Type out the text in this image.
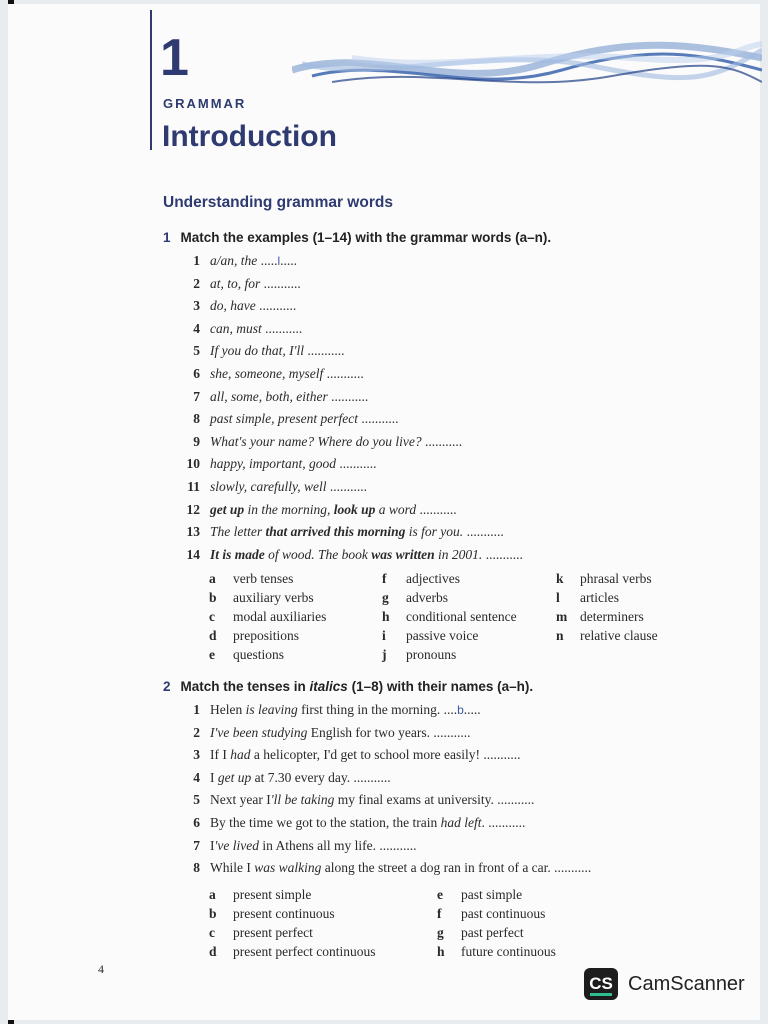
1
GRAMMAR
Introduction
Understanding grammar words
1 Match the examples (1–14) with the grammar words (a–n).
1 a/an, the .....l.....
2 at, to, for ...........
3 do, have ...........
4 can, must ...........
5 If you do that, I'll ...........
6 she, someone, myself ...........
7 all, some, both, either ...........
8 past simple, present perfect ...........
9 What's your name? Where do you live? ...........
10 happy, important, good ...........
11 slowly, carefully, well ...........
12 get up in the morning, look up a word ...........
13 The letter that arrived this morning is for you. ...........
14 It is made of wood. The book was written in 2001. ...........
a verb tenses
b auxiliary verbs
c modal auxiliaries
d prepositions
e questions
f adjectives
g adverbs
h conditional sentence
i passive voice
j pronouns
k phrasal verbs
l articles
m determiners
n relative clause
2 Match the tenses in italics (1–8) with their names (a–h).
1 Helen is leaving first thing in the morning. ....b.....
2 I've been studying English for two years. ...........
3 If I had a helicopter, I'd get to school more easily! ...........
4 I get up at 7.30 every day. ...........
5 Next year I'll be taking my final exams at university. ...........
6 By the time we got to the station, the train had left. ...........
7 I've lived in Athens all my life. ...........
8 While I was walking along the street a dog ran in front of a car. ...........
a present simple
b present continuous
c present perfect
d present perfect continuous
e past simple
f past continuous
g past perfect
h future continuous
4
CS CamScanner
